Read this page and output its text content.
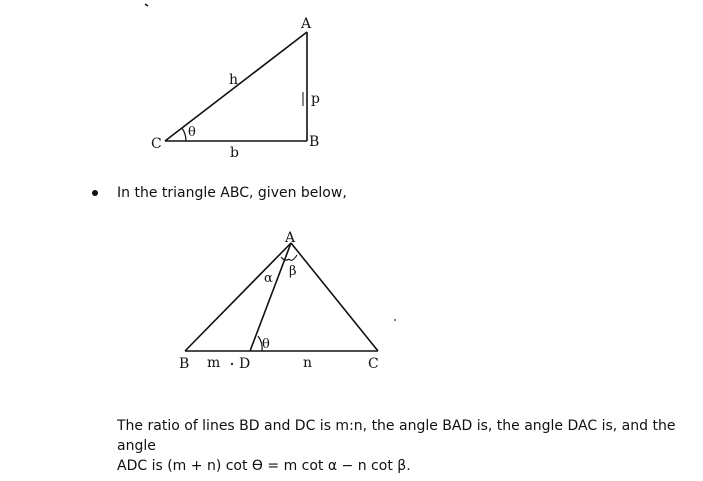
A
B
C
h
p
b
θ
A
B	C
D
m	n
α β
θ
In the triangle ABC, given below,
The ratio of lines BD and DC is m:n, the angle BAD is, the angle DAC is, and the angle
ADC is (m + n) cot ϴ = m cot α − n cot β.
